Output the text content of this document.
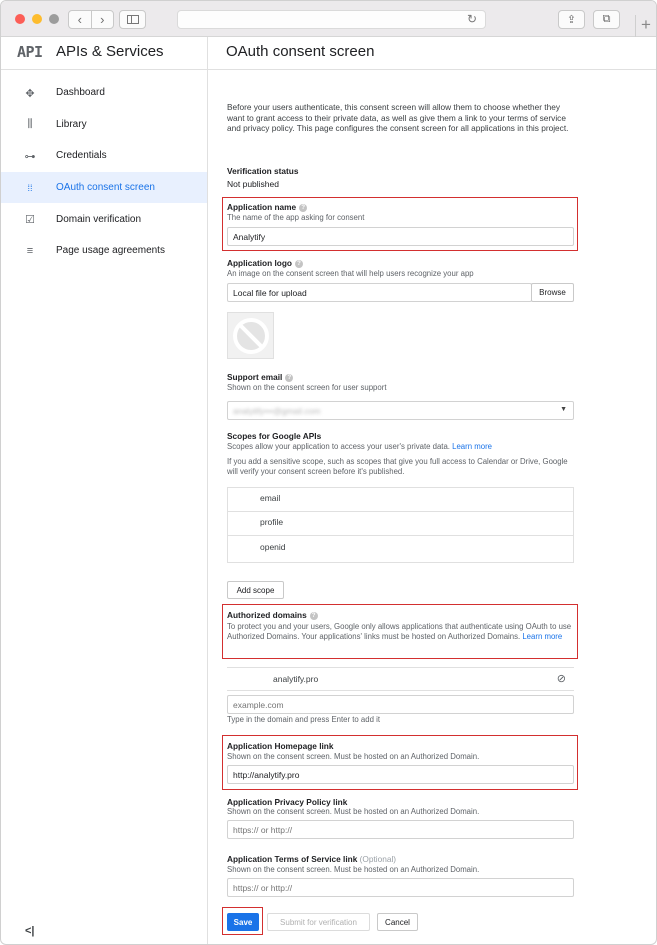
‹	›	↻	⇪	⧉	+
API APIs & Services	OAuth consent screen
✥ Dashboard
⫼	Library
⊶ Credentials
⁞⁞	OAuth consent screen
☑ Domain verification
≡	Page usage agreements
<|
Before your users authenticate, this consent screen will allow them to choose whether they want to grant access to their private data, as well as give them a link to your terms of service and privacy policy. This page configures the consent screen for all applications in this project.
Verification status
Not published
Application name ?
The name of the app asking for consent
Analytify
Application logo ?
An image on the consent screen that will help users recognize your app
Local file for upload	Browse
Support email ?
Shown on the consent screen for user support
analytify•••@gmail.com	▼
Scopes for Google APIs
Scopes allow your application to access your user's private data. Learn more
If you add a sensitive scope, such as scopes that give you full access to Calendar or Drive, Google will verify your consent screen before it's published.
email
profile
openid
Add scope
Authorized domains ?
To protect you and your users, Google only allows applications that authenticate using OAuth to use Authorized Domains. Your applications' links must be hosted on Authorized Domains. Learn more
analytify.pro	⊘
example.com
Type in the domain and press Enter to add it
Application Homepage link
Shown on the consent screen. Must be hosted on an Authorized Domain.
http://analytify.pro
Application Privacy Policy link
Shown on the consent screen. Must be hosted on an Authorized Domain.
https:// or http://
Application Terms of Service link (Optional)
Shown on the consent screen. Must be hosted on an Authorized Domain.
https:// or http://
Save	Submit for verification	Cancel
